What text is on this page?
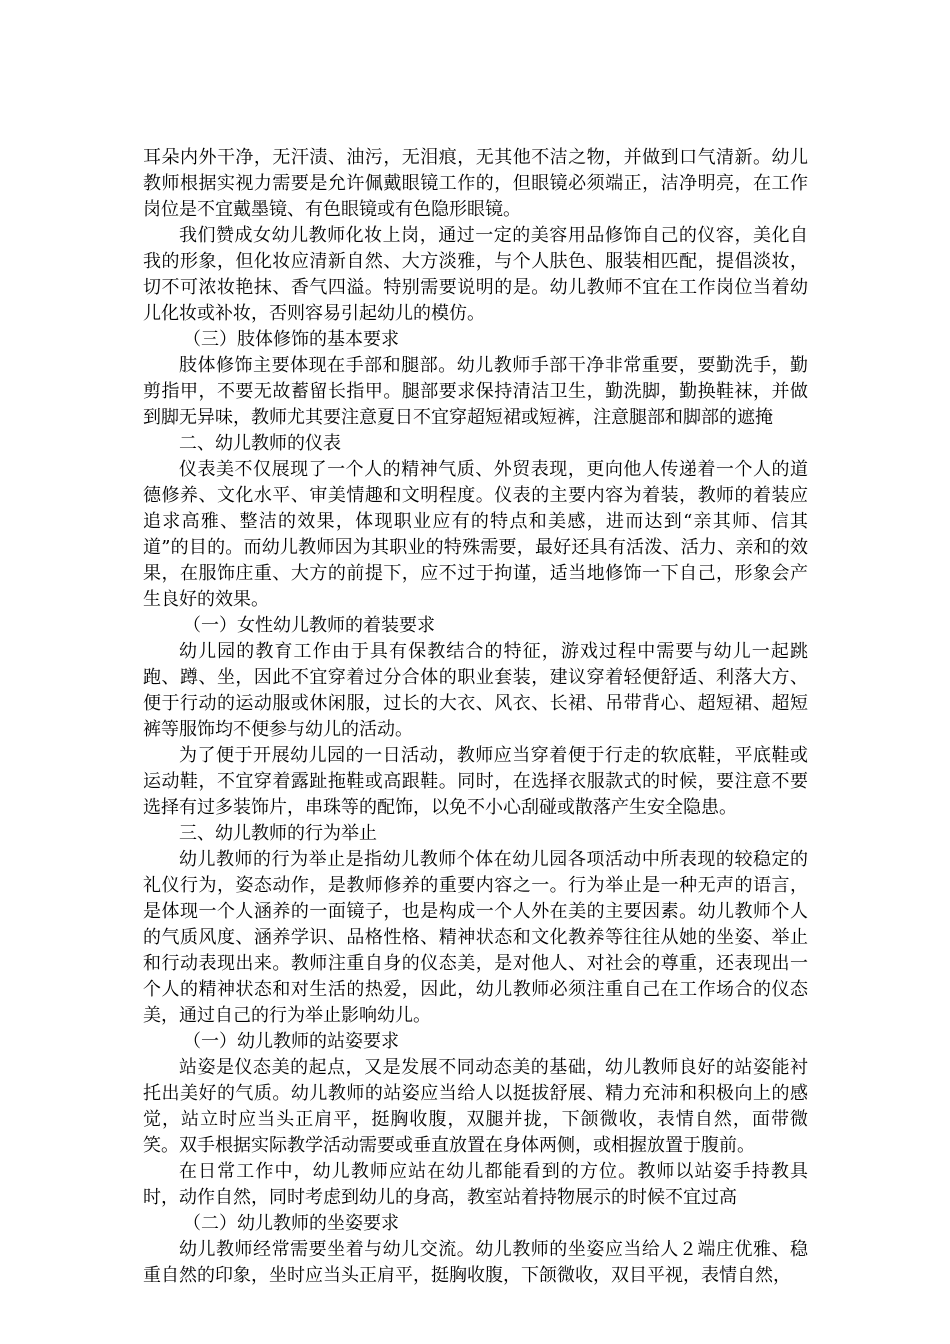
耳朵内外干净，无汗渍、油污，无泪痕，无其他不洁之物，并做到口气清新。幼儿教师根据实视力需要是允许佩戴眼镜工作的，但眼镜必须端正，洁净明亮，在工作岗位是不宜戴墨镜、有色眼镜或有色隐形眼镜。

我们赞成女幼儿教师化妆上岗，通过一定的美容用品修饰自己的仪容，美化自我的形象，但化妆应清新自然、大方淡雅，与个人肤色、服装相匹配，提倡淡妆，切不可浓妆艳抹、香气四溢。特别需要说明的是。幼儿教师不宜在工作岗位当着幼儿化妆或补妆，否则容易引起幼儿的模仿。

（三）肢体修饰的基本要求

肢体修饰主要体现在手部和腿部。幼儿教师手部干净非常重要，要勤洗手，勤剪指甲，不要无故蓄留长指甲。腿部要求保持清洁卫生，勤洗脚，勤换鞋袜，并做到脚无异味，教师尤其要注意夏日不宜穿超短裙或短裤，注意腿部和脚部的遮掩

二、幼儿教师的仪表

仪表美不仅展现了一个人的精神气质、外贸表现，更向他人传递着一个人的道德修养、文化水平、审美情趣和文明程度。仪表的主要内容为着装，教师的着装应追求高雅、整洁的效果，体现职业应有的特点和美感，进而达到“亲其师、信其道”的目的。而幼儿教师因为其职业的特殊需要，最好还具有活泼、活力、亲和的效果，在服饰庄重、大方的前提下，应不过于拘谨，适当地修饰一下自己，形象会产生良好的效果。

（一）女性幼儿教师的着装要求

幼儿园的教育工作由于具有保教结合的特征，游戏过程中需要与幼儿一起跳跑、蹲、坐，因此不宜穿着过分合体的职业套装，建议穿着轻便舒适、利落大方、便于行动的运动服或休闲服，过长的大衣、风衣、长裙、吊带背心、超短裙、超短裤等服饰均不便参与幼儿的活动。

为了便于开展幼儿园的一日活动，教师应当穿着便于行走的软底鞋，平底鞋或运动鞋，不宜穿着露趾拖鞋或高跟鞋。同时，在选择衣服款式的时候，要注意不要选择有过多装饰片，串珠等的配饰，以免不小心刮碰或散落产生安全隐患。

三、幼儿教师的行为举止

幼儿教师的行为举止是指幼儿教师个体在幼儿园各项活动中所表现的较稳定的礼仪行为，姿态动作，是教师修养的重要内容之一。行为举止是一种无声的语言，是体现一个人涵养的一面镜子，也是构成一个人外在美的主要因素。幼儿教师个人的气质风度、涵养学识、品格性格、精神状态和文化教养等往往从她的坐姿、举止和行动表现出来。教师注重自身的仪态美，是对他人、对社会的尊重，还表现出一个人的精神状态和对生活的热爱，因此，幼儿教师必须注重自己在工作场合的仪态美，通过自己的行为举止影响幼儿。

（一）幼儿教师的站姿要求

站姿是仪态美的起点，又是发展不同动态美的基础，幼儿教师良好的站姿能衬托出美好的气质。幼儿教师的站姿应当给人以挺拔舒展、精力充沛和积极向上的感觉，站立时应当头正肩平，挺胸收腹，双腿并拢，下颌微收，表情自然，面带微笑。双手根据实际教学活动需要或垂直放置在身体两侧，或相握放置于腹前。

在日常工作中，幼儿教师应站在幼儿都能看到的方位。教师以站姿手持教具时，动作自然，同时考虑到幼儿的身高，教室站着持物展示的时候不宜过高

（二）幼儿教师的坐姿要求

幼儿教师经常需要坐着与幼儿交流。幼儿教师的坐姿应当给人２端庄优雅、稳重自然的印象，坐时应当头正肩平，挺胸收腹，下颌微收，双目平视，表情自然，
